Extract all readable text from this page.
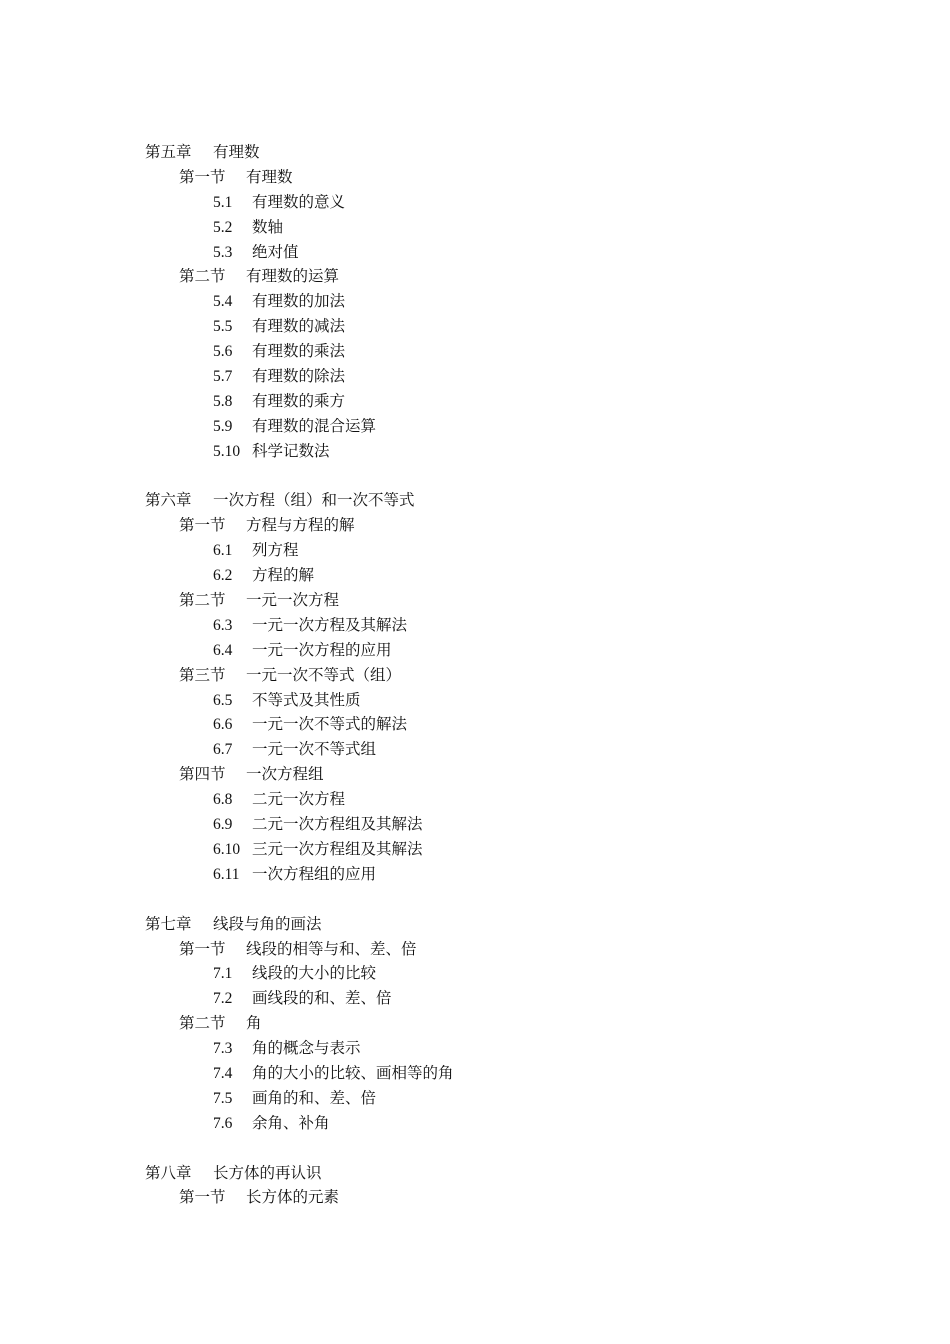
第五章 有理数
第一节 有理数
5.1 有理数的意义
5.2 数轴
5.3 绝对值
第二节 有理数的运算
5.4 有理数的加法
5.5 有理数的减法
5.6 有理数的乘法
5.7 有理数的除法
5.8 有理数的乘方
5.9 有理数的混合运算
5.10 科学记数法
第六章 一次方程（组）和一次不等式
第一节 方程与方程的解
6.1 列方程
6.2 方程的解
第二节 一元一次方程
6.3 一元一次方程及其解法
6.4 一元一次方程的应用
第三节 一元一次不等式（组）
6.5 不等式及其性质
6.6 一元一次不等式的解法
6.7 一元一次不等式组
第四节 一次方程组
6.8 二元一次方程
6.9 二元一次方程组及其解法
6.10 三元一次方程组及其解法
6.11 一次方程组的应用
第七章 线段与角的画法
第一节 线段的相等与和、差、倍
7.1 线段的大小的比较
7.2 画线段的和、差、倍
第二节 角
7.3 角的概念与表示
7.4 角的大小的比较、画相等的角
7.5 画角的和、差、倍
7.6 余角、补角
第八章 长方体的再认识
第一节 长方体的元素
